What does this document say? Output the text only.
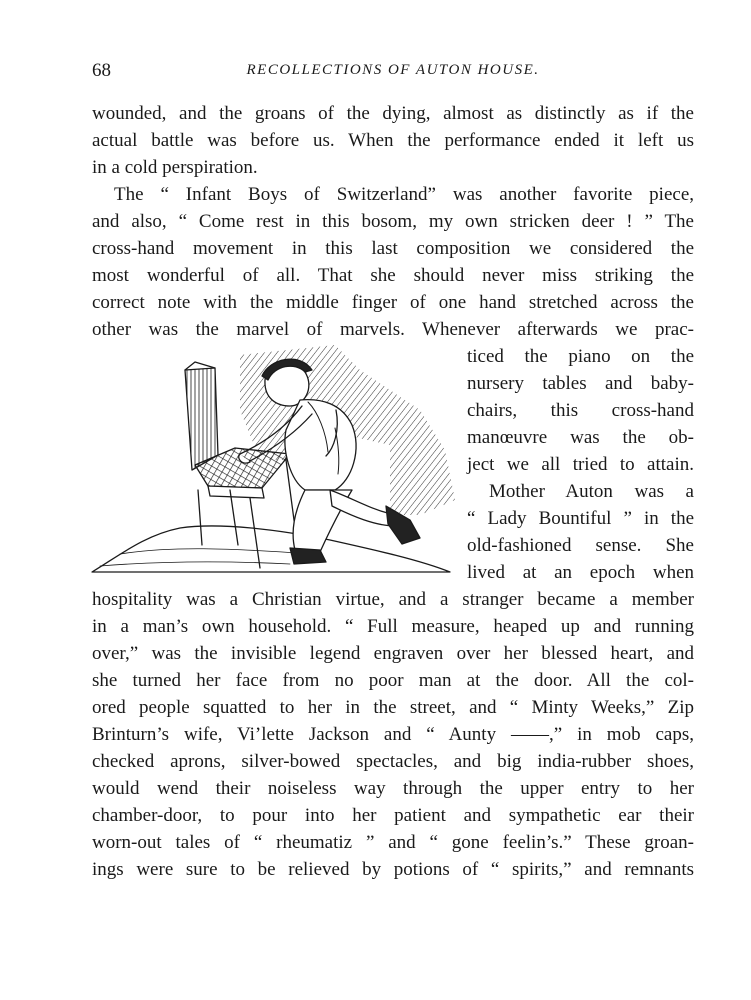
68	RECOLLECTIONS OF AUTON HOUSE.
wounded, and the groans of the dying, almost as distinctly as if the
actual battle was before us. When the performance ended it left us
in a cold perspiration.
The “ Infant Boys of Switzerland” was another favorite piece,
and also, “ Come rest in this bosom, my own stricken deer ! ” The
cross-hand movement in this last composition we considered the
most wonderful of all. That she should never miss striking the
correct note with the middle finger of one hand stretched across the
other was the marvel of marvels. Whenever afterwards we prac-
ticed the piano on the
nursery tables and baby-
chairs, this cross-hand
manœuvre was the ob-
ject we all tried to attain.
Mother Auton was a
“ Lady Bountiful ” in the
old-fashioned sense. She
lived at an epoch when
hospitality was a Christian virtue, and a stranger became a member
in a man’s own household. “ Full measure, heaped up and running
over,” was the invisible legend engraven over her blessed heart, and
she turned her face from no poor man at the door. All the col-
ored people squatted to her in the street, and “ Minty Weeks,” Zip
Brinturn’s wife, Vi’lette Jackson and “ Aunty ——,” in mob caps,
checked aprons, silver-bowed spectacles, and big india-rubber shoes,
would wend their noiseless way through the upper entry to her
chamber-door, to pour into her patient and sympathetic ear their
worn-out tales of “ rheumatiz ” and “ gone feelin’s.” These groan-
ings were sure to be relieved by potions of “ spirits,” and remnants
